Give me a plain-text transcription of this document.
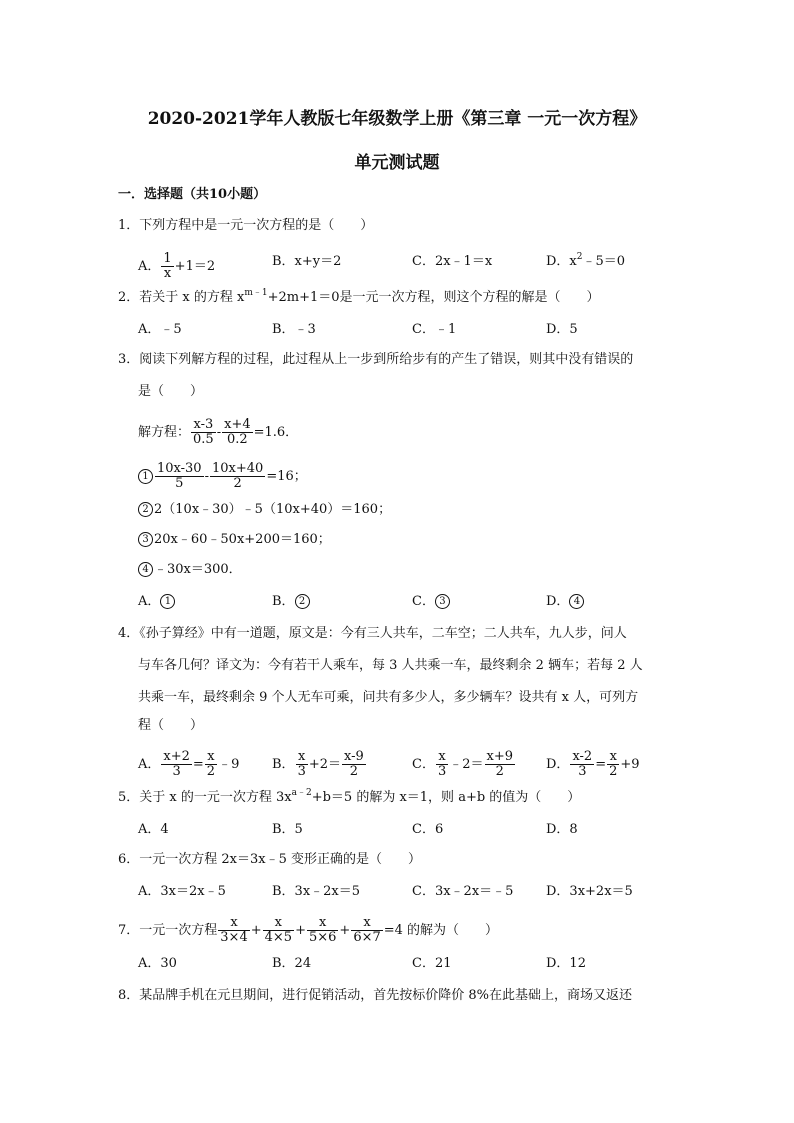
2020-2021学年人教版七年级数学上册《第三章 一元一次方程》
单元测试题
一．选择题（共10小题）
1．下列方程中是一元一次方程的是（　　）
A． $\frac{1}{x} +1=2$	B．x+y＝2	C．2x﹣1＝x	D．$x^2﹣5=0$
2．若关于 x 的方程 $x^{m﹣1}+2m+1=0$是一元一次方程，则这个方程的解是（　　）
A．﹣5	B．﹣3	C．﹣1	D．5
3．阅读下列解方程的过程，此过程从上一步到所给步有的产生了错误，则其中没有错误的
是（　　）
解方程： $\frac{x-3}{0.5} - \frac{x+4}{0.2} =1.6$．
$1 \frac{10x-30}{5} - \frac{10x+40}{2} =16$；
2 2（10x﹣30）﹣5（10x+40）＝160；
3 20x﹣60﹣50x+200＝160；
4 ﹣30x＝300．
A． 1	B． 2	C． 3	D． 4
4．《孙子算经》中有一道题，原文是：今有三人共车，二车空；二人共车，九人步，问人
与车各几何？译文为：今有若干人乘车，每 3 人共乘一车，最终剩余 2 辆车；若每 2 人
共乘一车，最终剩余 9 个人无车可乘，问共有多少人，多少辆车？设共有 x 人，可列方
程（　　）
A． $\frac{x+2}{3} = \frac{x}{2}$ ﹣9	B． $\frac{x}{3} +2= \frac{x-9}{2}$	C． $\frac{x}{3}$ ﹣2＝ $\frac{x+9}{2}$ D． $\frac{x-2}{3} = \frac{x}{2} +9$
5．关于 x 的一元一次方程 $3x^{a﹣2}+b=5$ 的解为 x＝1，则 a+b 的值为（　　）
A．4	B．5	C．6	D．8
6．一元一次方程 2x＝3x﹣5 变形正确的是（　　）
A．3x＝2x﹣5	B．3x﹣2x＝5	C．3x﹣2x＝﹣5	D．3x+2x＝5
7．一元一次方程 $\frac{x}{3\times 4} + \frac{x}{4\times 5} + \frac{x}{5\times 6} + \frac{x}{6\times 7} =4$ 的解为（　　）
A．30	B．24	C．21	D．12
8．某品牌手机在元旦期间，进行促销活动，首先按标价降价 8%在此基础上，商场又返还
